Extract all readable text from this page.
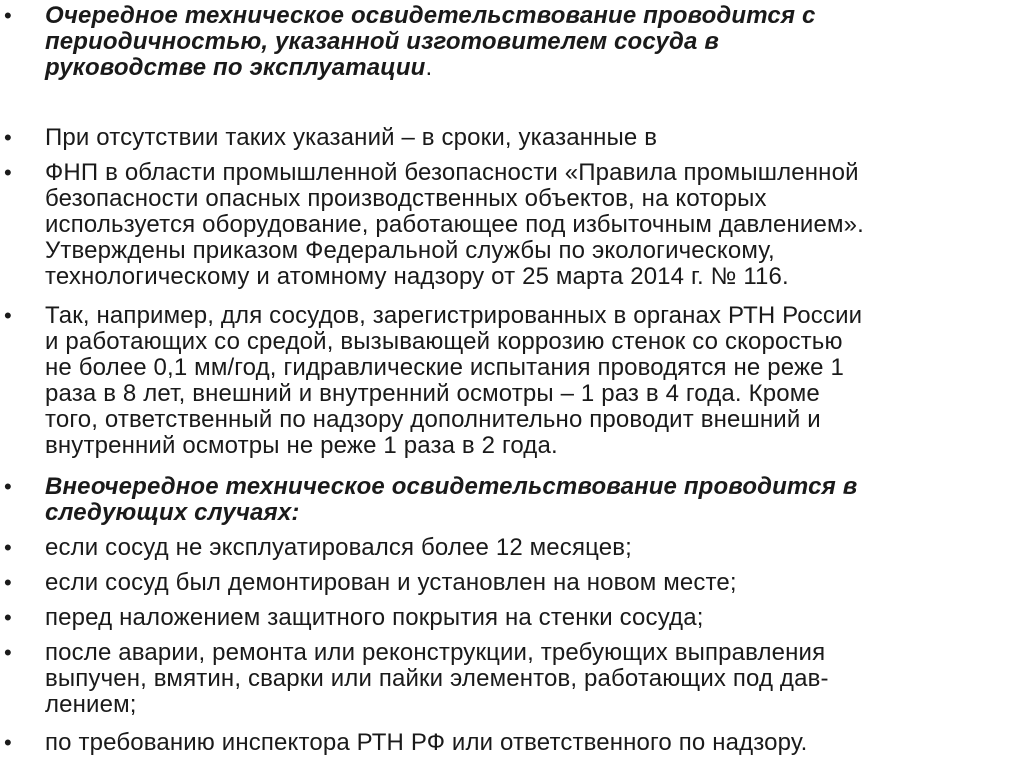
•	Очередное техническое освидетельствование проводится с
периодичностью, указанной изготовителем сосуда в
руководстве по эксплуатации.

•	При отсутствии таких указаний – в сроки, указанные в

•	ФНП в области промышленной безопасности «Правила промышленной
безопасности опасных производственных объектов, на которых
используется оборудование, работающее под избыточным давлением».
Утверждены приказом Федеральной службы по экологическому,
технологическому и атомному надзору от 25 марта 2014 г. № 116.

•	Так, например, для сосудов, зарегистрированных в органах РТН России
и работающих со средой, вызывающей коррозию стенок со скоростью
не более 0,1 мм/год, гидравлические испытания проводятся не реже 1
раза в 8 лет, внешний и внутренний осмотры – 1 раз в 4 года. Кроме
того, ответственный по надзору дополнительно проводит внешний и
внутренний осмотры не реже 1 раза в 2 года.

•	Внеочередное техническое освидетельствование проводится в
следующих случаях:

•	если сосуд не эксплуатировался более 12 месяцев;

•	если сосуд был демонтирован и установлен на новом месте;

•	перед наложением защитного покрытия на стенки сосуда;

•	после аварии, ремонта или реконструкции, требующих выправления
выпучен, вмятин, сварки или пайки элементов, работающих под дав-
лением;

•	по требованию инспектора РТН РФ или ответственного по надзору.
